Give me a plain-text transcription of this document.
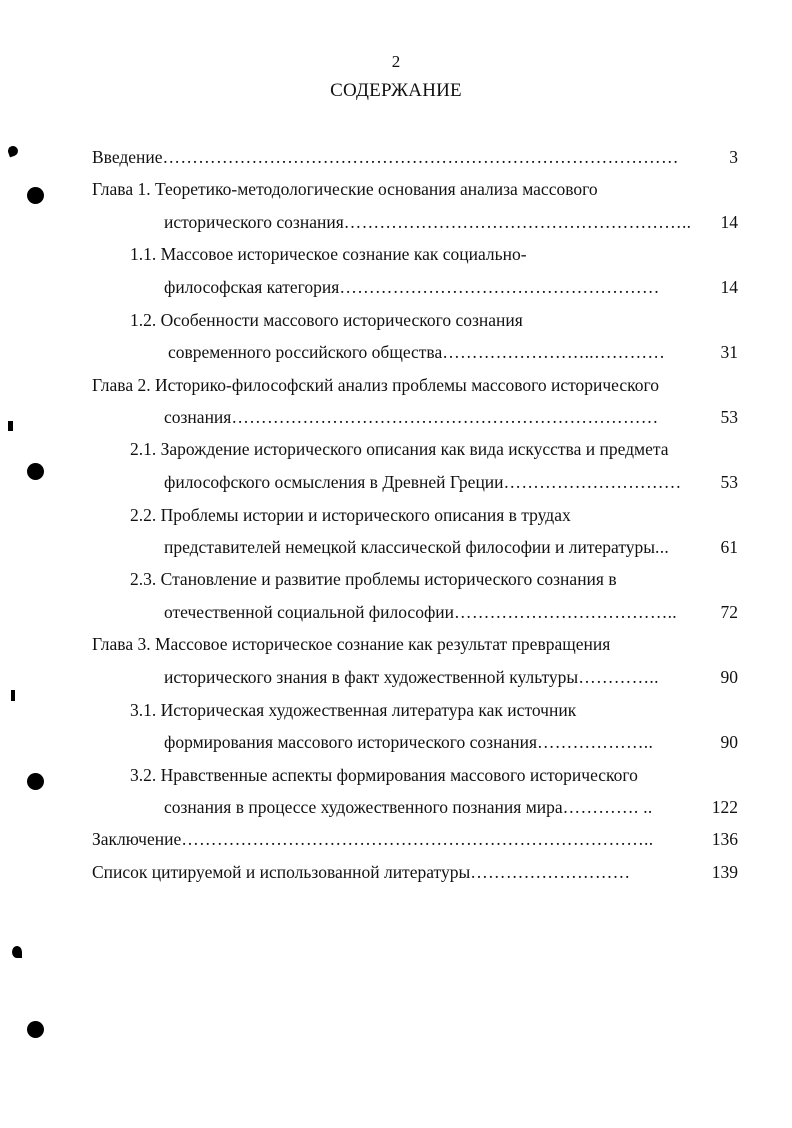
2
СОДЕРЖАНИЕ
Введение……………………………………………………………………………	3
Глава 1. Теоретико-методологические основания анализа массового
исторического сознания…………………………………………………..	14
1.1. Массовое историческое сознание как социально-
философская категория………………………………………………	14
1.2. Особенности массового исторического сознания
современного российского общества……………………..…………	31
Глава 2. Историко-философский анализ проблемы массового исторического
сознания………………………………………………………………	53
2.1. Зарождение исторического описания как вида искусства и предмета
философского осмысления в Древней Греции…………………………	53
2.2. Проблемы истории и исторического описания в трудах
представителей немецкой классической философии и литературы...	61
2.3. Становление и развитие проблемы исторического сознания в
отечественной социальной философии………………………………..	72
Глава 3. Массовое историческое сознание как результат превращения
исторического знания в факт художественной культуры…………..	90
3.1. Историческая художественная литература как источник
формирования массового исторического сознания………………..	90
3.2. Нравственные аспекты формирования массового исторического
сознания в процессе художественного познания мира…………. ..	122
Заключение……………………………………………………………………..	136
Список цитируемой и использованной литературы………………………	139
